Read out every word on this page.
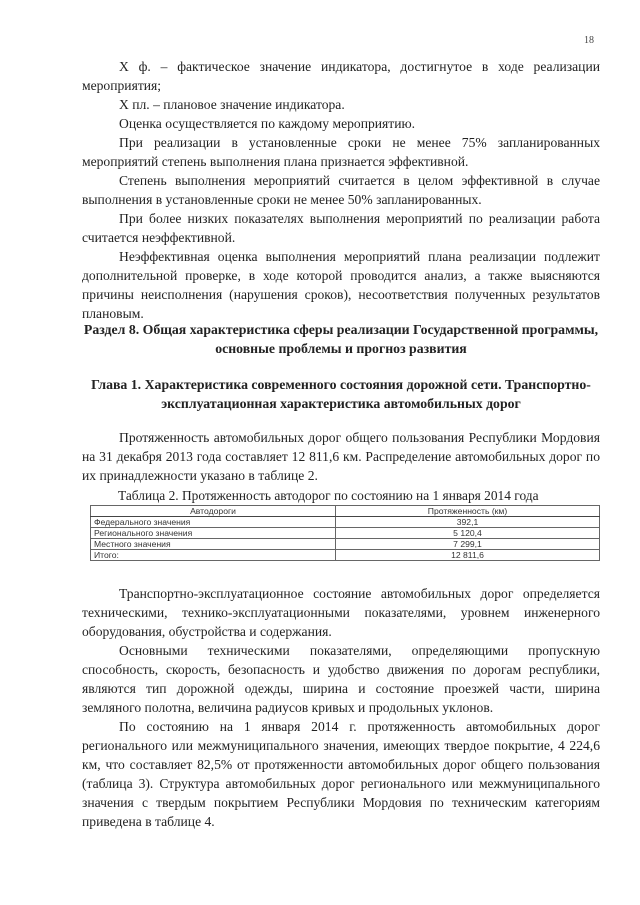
18

Х ф. – фактическое значение индикатора, достигнутое в ходе реализации мероприятия;

Х пл. – плановое значение индикатора.

Оценка осуществляется по каждому мероприятию.

При реализации в установленные сроки не менее 75% запланированных мероприятий степень выполнения плана признается эффективной.

Степень выполнения мероприятий считается в целом эффективной в случае выполнения в установленные сроки не менее 50% запланированных.

При более низких показателях выполнения мероприятий по реализации работа считается неэффективной.

Неэффективная оценка выполнения мероприятий плана реализации подлежит дополнительной проверке, в ходе которой проводится анализ, а также выясняются причины неисполнения (нарушения сроков), несоответствия полученных результатов плановым.

Раздел 8. Общая характеристика сферы реализации Государственной программы, основные проблемы и прогноз развития
Глава 1. Характеристика современного состояния дорожной сети. Транспортно-эксплуатационная характеристика автомобильных дорог

Протяженность автомобильных дорог общего пользования Республики Мордовия на 31 декабря 2013 года составляет 12 811,6 км. Распределение автомобильных дорог по их принадлежности указано в таблице 2.

Таблица 2. Протяженность автодорог по состоянию на 1 января 2014 года
Автодороги	Протяженность (км)
Федерального значения	392,1
Регионального значения	5 120,4
Местного значения	7 299,1
Итого:	12 811,6

Транспортно-эксплуатационное состояние автомобильных дорог определяется техническими, технико-эксплуатационными показателями, уровнем инженерного оборудования, обустройства и содержания.

Основными техническими показателями, определяющими пропускную способность, скорость, безопасность и удобство движения по дорогам республики, являются тип дорожной одежды, ширина и состояние проезжей части, ширина земляного полотна, величина радиусов кривых и продольных уклонов.

По состоянию на 1 января 2014 г. протяженность автомобильных дорог регионального или межмуниципального значения, имеющих твердое покрытие, 4 224,6 км, что составляет 82,5% от протяженности автомобильных дорог общего пользования (таблица 3). Структура автомобильных дорог регионального или межмуниципального значения с твердым покрытием Республики Мордовия по техническим категориям приведена в таблице 4.
